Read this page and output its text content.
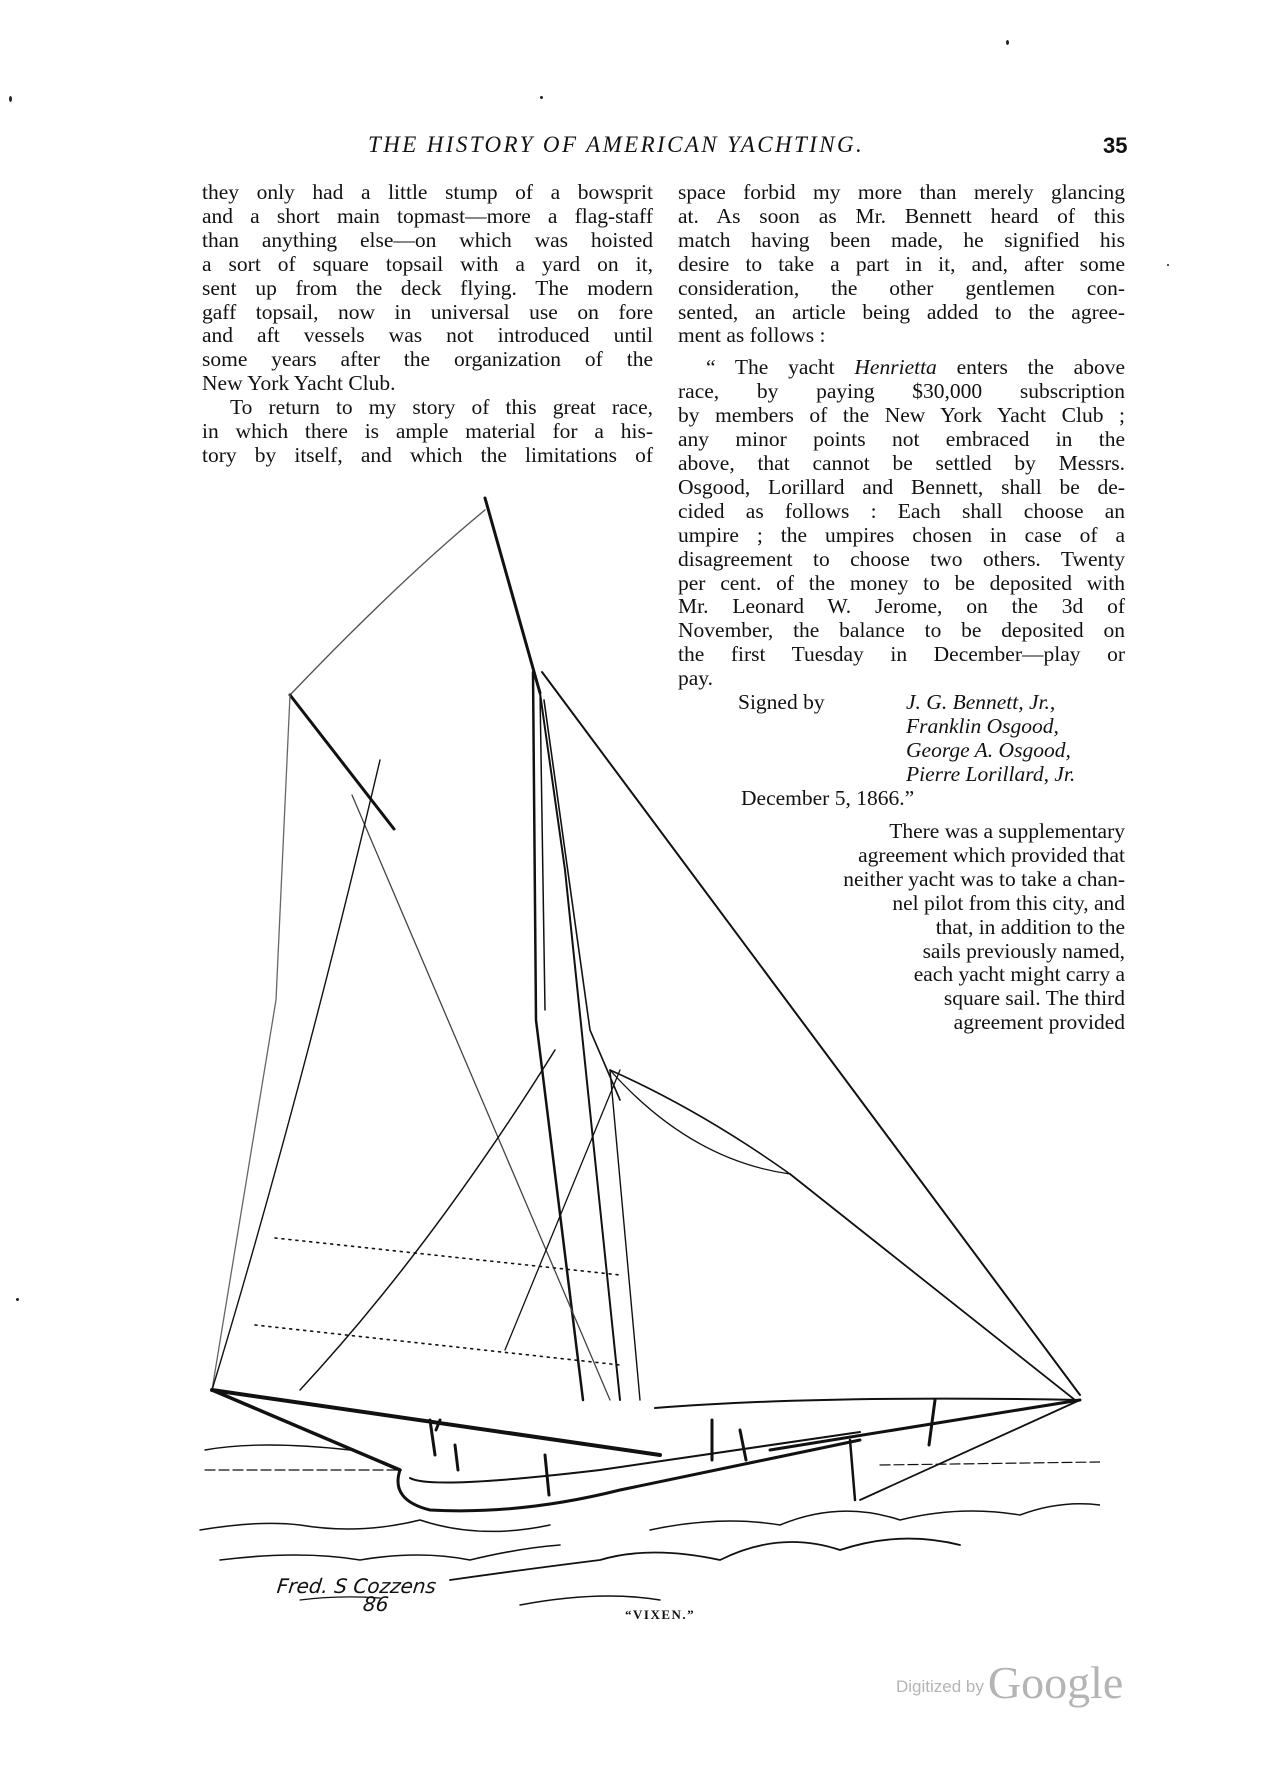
THE HISTORY OF AMERICAN YACHTING.	35
they only had a little stump of a bowsprit
and a short main topmast—more a flag-staff
than anything else—on which was hoisted
a sort of square topsail with a yard on it,
sent up from the deck flying. The modern
gaff topsail, now in universal use on fore
and aft vessels was not introduced until
some years after the organization of the
New York Yacht Club.
To return to my story of this great race,
in which there is ample material for a his-
tory by itself, and which the limitations of
space forbid my more than merely glancing
at. As soon as Mr. Bennett heard of this
match having been made, he signified his
desire to take a part in it, and, after some
consideration, the other gentlemen con-
sented, an article being added to the agree-
ment as follows :
“ The yacht Henrietta enters the above
race, by paying $30,000 subscription
by members of the New York Yacht Club ;
any minor points not embraced in the
above, that cannot be settled by Messrs.
Osgood, Lorillard and Bennett, shall be de-
cided as follows : Each shall choose an
umpire ; the umpires chosen in case of a
disagreement to choose two others. Twenty
per cent. of the money to be deposited with
Mr. Leonard W. Jerome, on the 3d of
November, the balance to be deposited on
the first Tuesday in December—play or
pay.
Signed by	J. G. Bennett, Jr.,
Franklin Osgood,
George A. Osgood,
Pierre Lorillard, Jr.
December 5, 1866.”
There was a supplementary
agreement which provided that
neither yacht was to take a chan-
nel pilot from this city, and
that, in addition to the
sails previously named,
each yacht might carry a
square sail. The third
agreement provided
Fred. S Cozzens
86	“VIXEN.”
Digitized by Google
